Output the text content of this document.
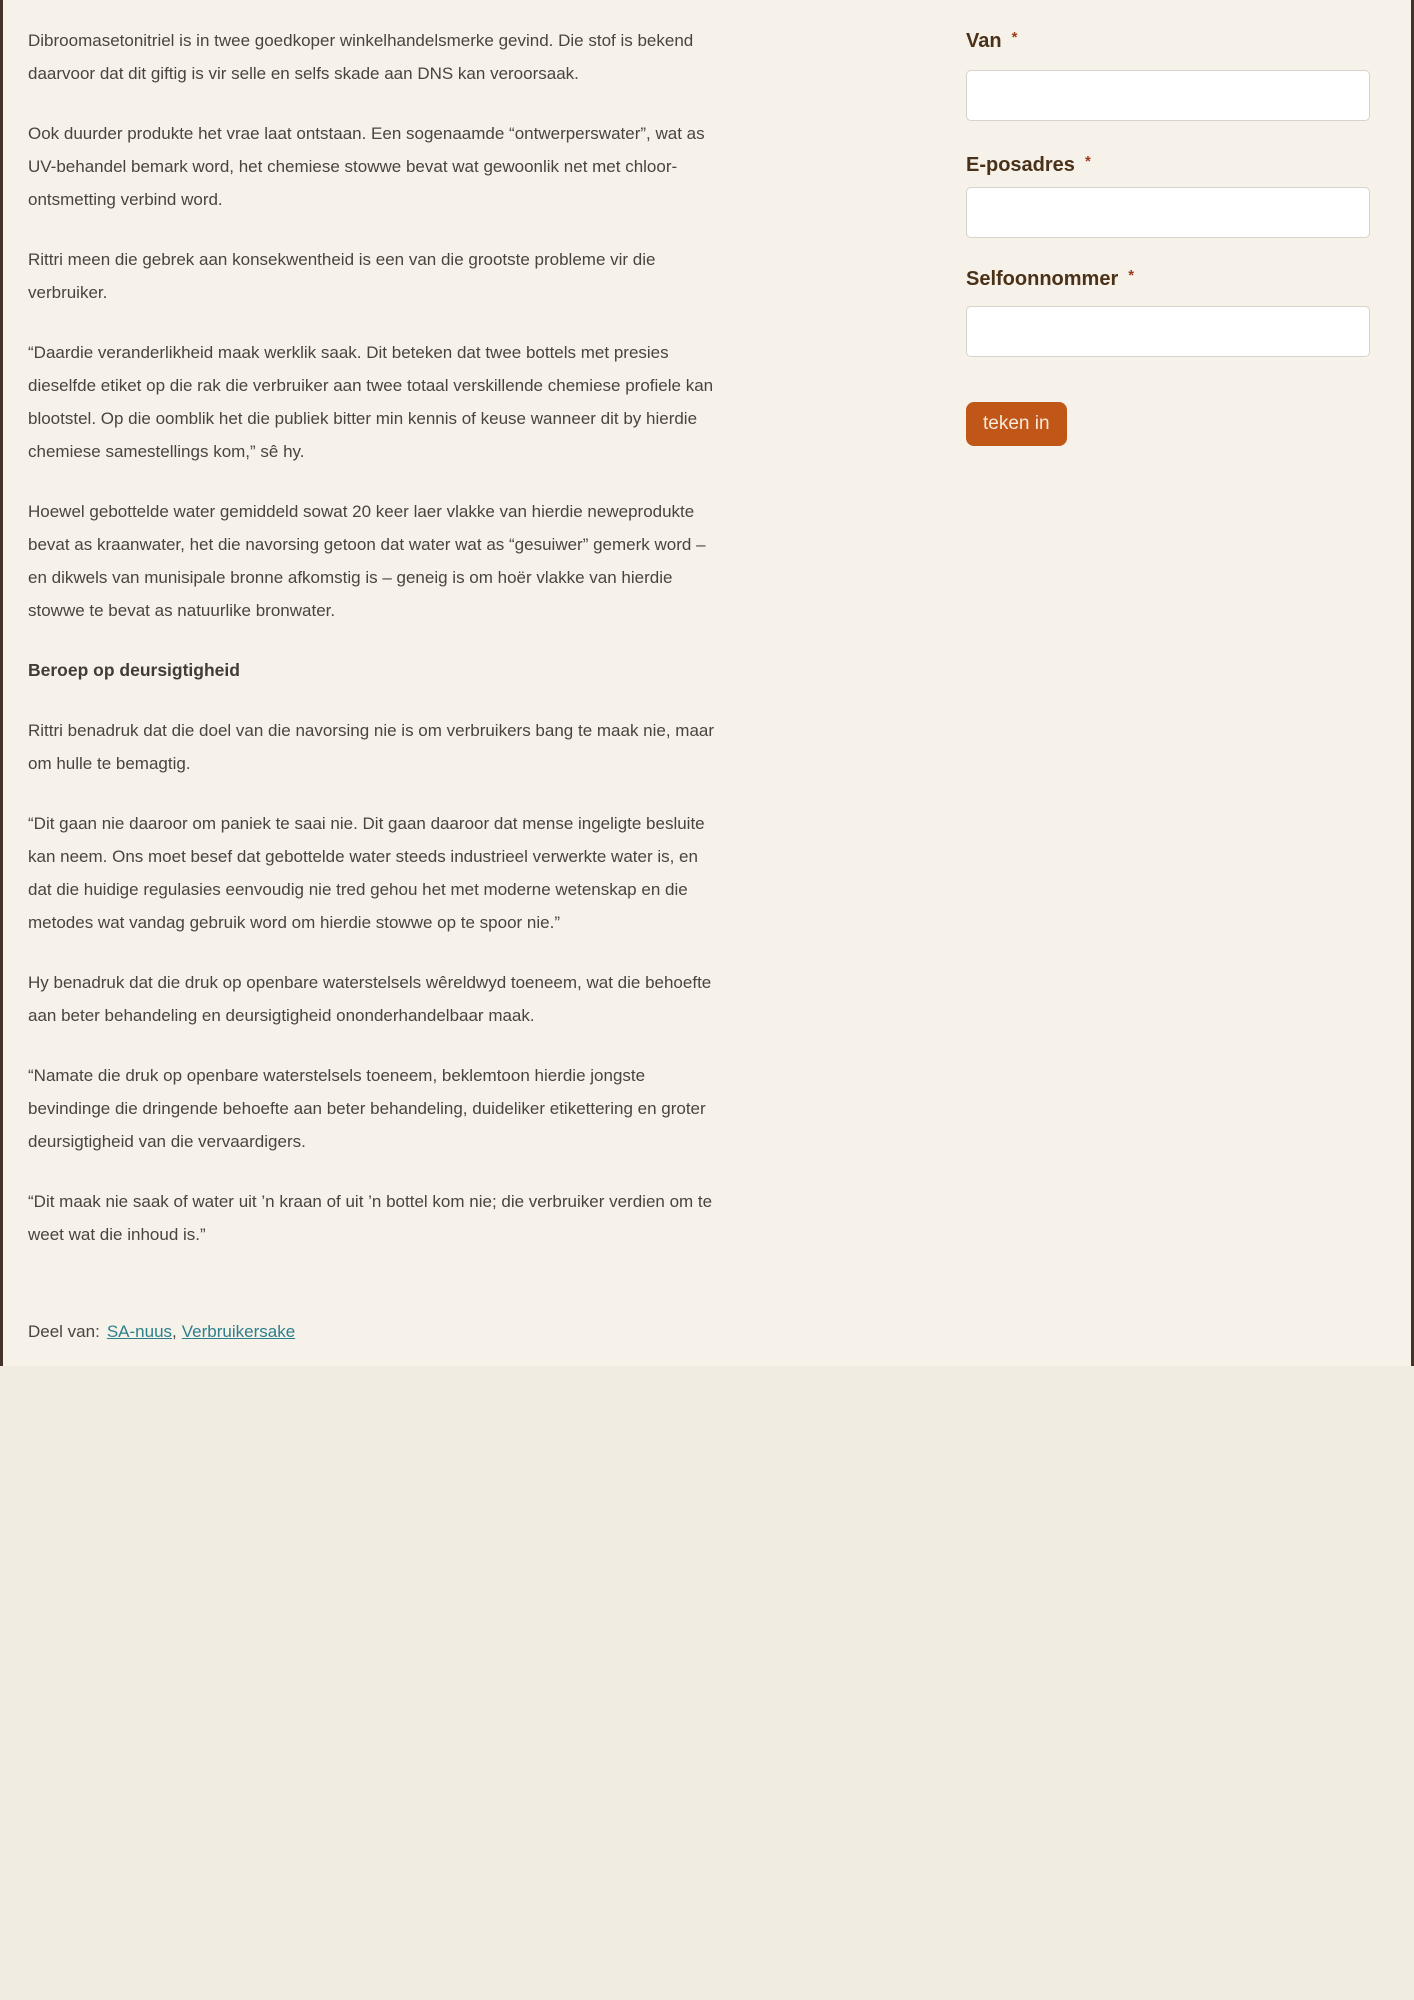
Dibroomasetonitriel is in twee goedkoper winkelhandelsmerke gevind. Die stof is bekend daarvoor dat dit giftig is vir selle en selfs skade aan DNS kan veroorsaak.

Ook duurder produkte het vrae laat ontstaan. Een sogenaamde “ontwerperswater”, wat as UV-behandel bemark word, het chemiese stowwe bevat wat gewoonlik net met chloor-ontsmetting verbind word.

Rittri meen die gebrek aan konsekwentheid is een van die grootste probleme vir die verbruiker.

“Daardie veranderlikheid maak werklik saak. Dit beteken dat twee bottels met presies dieselfde etiket op die rak die verbruiker aan twee totaal verskillende chemiese profiele kan blootstel. Op die oomblik het die publiek bitter min kennis of keuse wanneer dit by hierdie chemiese samestellings kom,” sê hy.

Hoewel gebottelde water gemiddeld sowat 20 keer laer vlakke van hierdie neweprodukte bevat as kraanwater, het die navorsing getoon dat water wat as “gesuiwer” gemerk word – en dikwels van munisipale bronne afkomstig is – geneig is om hoër vlakke van hierdie stowwe te bevat as natuurlike bronwater.

Beroep op deursigtigheid

Rittri benadruk dat die doel van die navorsing nie is om verbruikers bang te maak nie, maar om hulle te bemagtig.

“Dit gaan nie daaroor om paniek te saai nie. Dit gaan daaroor dat mense ingeligte besluite kan neem. Ons moet besef dat gebottelde water steeds industrieel verwerkte water is, en dat die huidige regulasies eenvoudig nie tred gehou het met moderne wetenskap en die metodes wat vandag gebruik word om hierdie stowwe op te spoor nie.”

Hy benadruk dat die druk op openbare waterstelsels wêreldwyd toeneem, wat die behoefte aan beter behandeling en deursigtigheid ononderhandelbaar maak.

“Namate die druk op openbare waterstelsels toeneem, beklemtoon hierdie jongste bevindinge die dringende behoefte aan beter behandeling, duideliker etikettering en groter deursigtigheid van die vervaardigers.

“Dit maak nie saak of water uit ’n kraan of uit ’n bottel kom nie; die verbruiker verdien om te weet wat die inhoud is.”

Deel van: SA-nuus, Verbruikersake
Van *
E-posadres *
Selfoonnommer *
teken in
